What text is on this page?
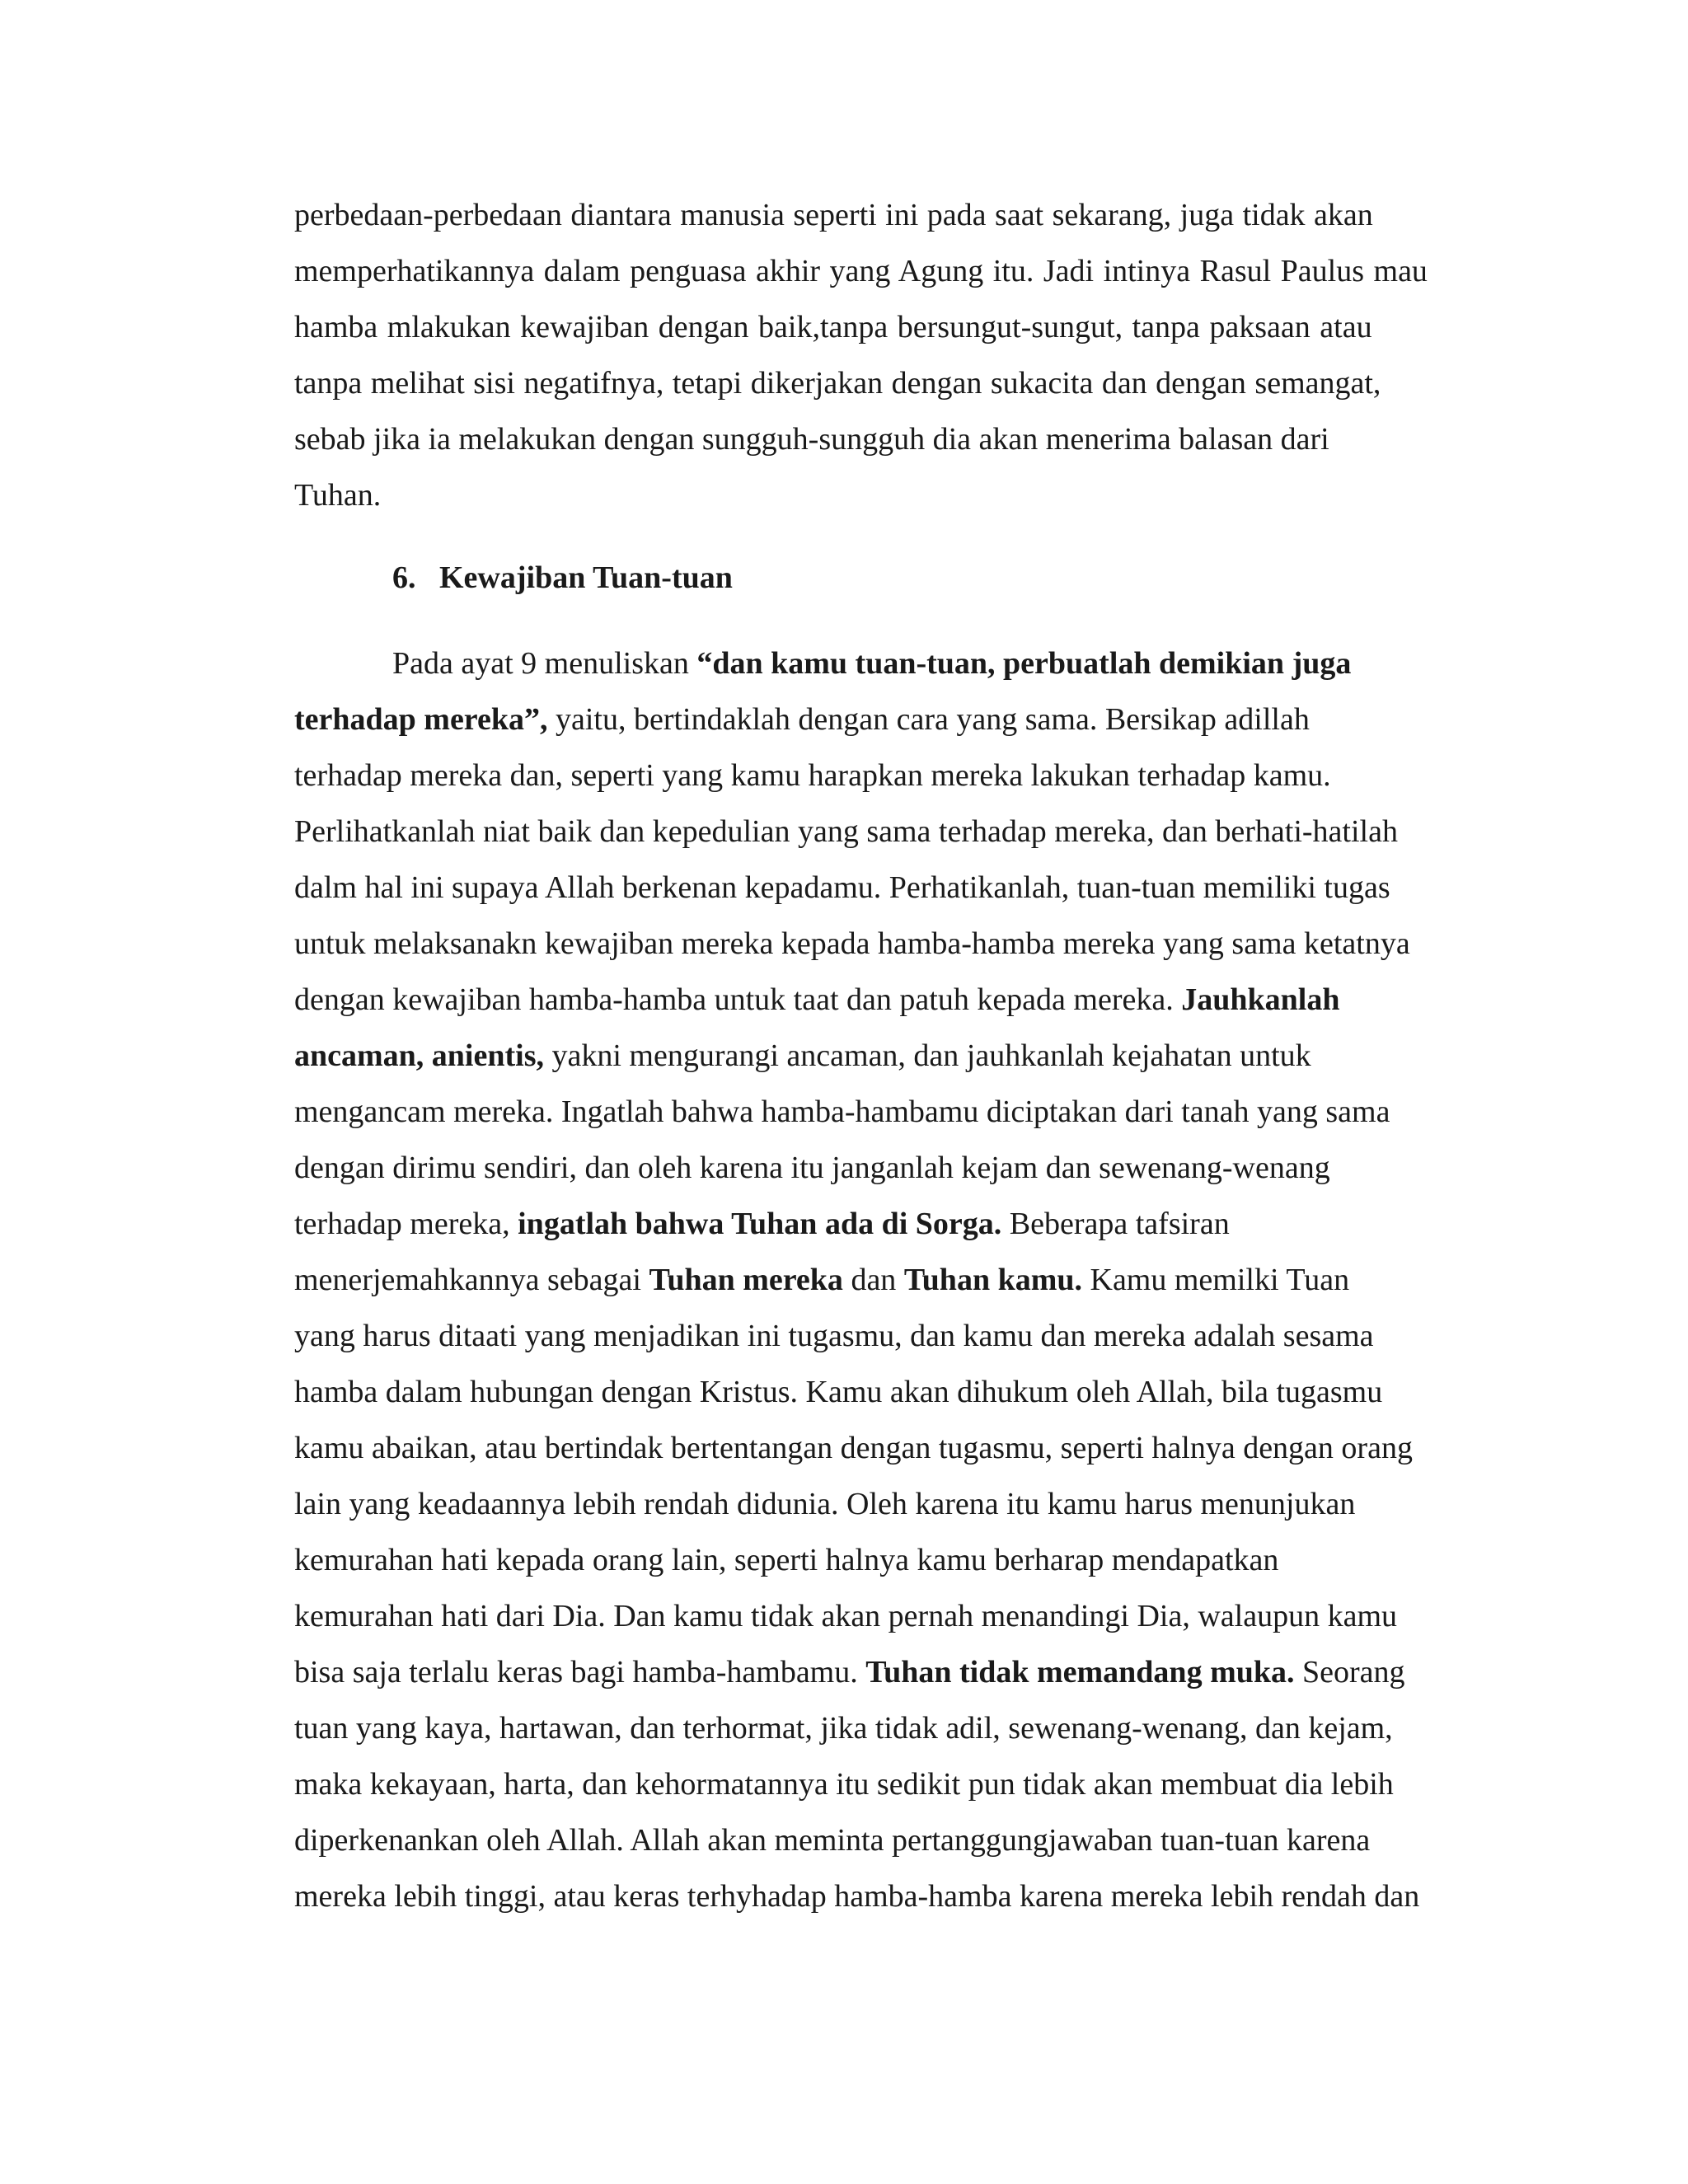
perbedaan-perbedaan diantara manusia seperti ini pada saat sekarang, juga tidak akan

memperhatikannya dalam penguasa akhir yang Agung itu. Jadi intinya Rasul Paulus mau

hamba mlakukan kewajiban dengan baik,tanpa bersungut-sungut, tanpa paksaan atau

tanpa melihat sisi negatifnya, tetapi dikerjakan dengan sukacita dan dengan semangat,

sebab jika ia melakukan dengan sungguh-sungguh dia akan menerima balasan dari

Tuhan.

6. Kewajiban Tuan-tuan

Pada ayat 9 menuliskan “dan kamu tuan-tuan, perbuatlah demikian juga

terhadap mereka”, yaitu, bertindaklah dengan cara yang sama. Bersikap adillah

terhadap mereka dan, seperti yang kamu harapkan mereka lakukan terhadap kamu.

Perlihatkanlah niat baik dan kepedulian yang sama terhadap mereka, dan berhati-hatilah

dalm hal ini supaya Allah berkenan kepadamu. Perhatikanlah, tuan-tuan memiliki tugas

untuk melaksanakn kewajiban mereka kepada hamba-hamba mereka yang sama ketatnya

dengan kewajiban hamba-hamba untuk taat dan patuh kepada mereka. Jauhkanlah

ancaman, anientis, yakni mengurangi ancaman, dan jauhkanlah kejahatan untuk

mengancam mereka. Ingatlah bahwa hamba-hambamu diciptakan dari tanah yang sama

dengan dirimu sendiri, dan oleh karena itu janganlah kejam dan sewenang-wenang

terhadap mereka, ingatlah bahwa Tuhan ada di Sorga. Beberapa tafsiran

menerjemahkannya sebagai Tuhan mereka dan Tuhan kamu. Kamu memilki Tuan

yang harus ditaati yang menjadikan ini tugasmu, dan kamu dan mereka adalah sesama

hamba dalam hubungan dengan Kristus. Kamu akan dihukum oleh Allah, bila tugasmu

kamu abaikan, atau bertindak bertentangan dengan tugasmu, seperti halnya dengan orang

lain yang keadaannya lebih rendah didunia. Oleh karena itu kamu harus menunjukan

kemurahan hati kepada orang lain, seperti halnya kamu berharap mendapatkan

kemurahan hati dari Dia. Dan kamu tidak akan pernah menandingi Dia, walaupun kamu

bisa saja terlalu keras bagi hamba-hambamu. Tuhan tidak memandang muka. Seorang

tuan yang kaya, hartawan, dan terhormat, jika tidak adil, sewenang-wenang, dan kejam,

maka kekayaan, harta, dan kehormatannya itu sedikit pun tidak akan membuat dia lebih

diperkenankan oleh Allah. Allah akan meminta pertanggungjawaban tuan-tuan karena

mereka lebih tinggi, atau keras terhyhadap hamba-hamba karena mereka lebih rendah dan
